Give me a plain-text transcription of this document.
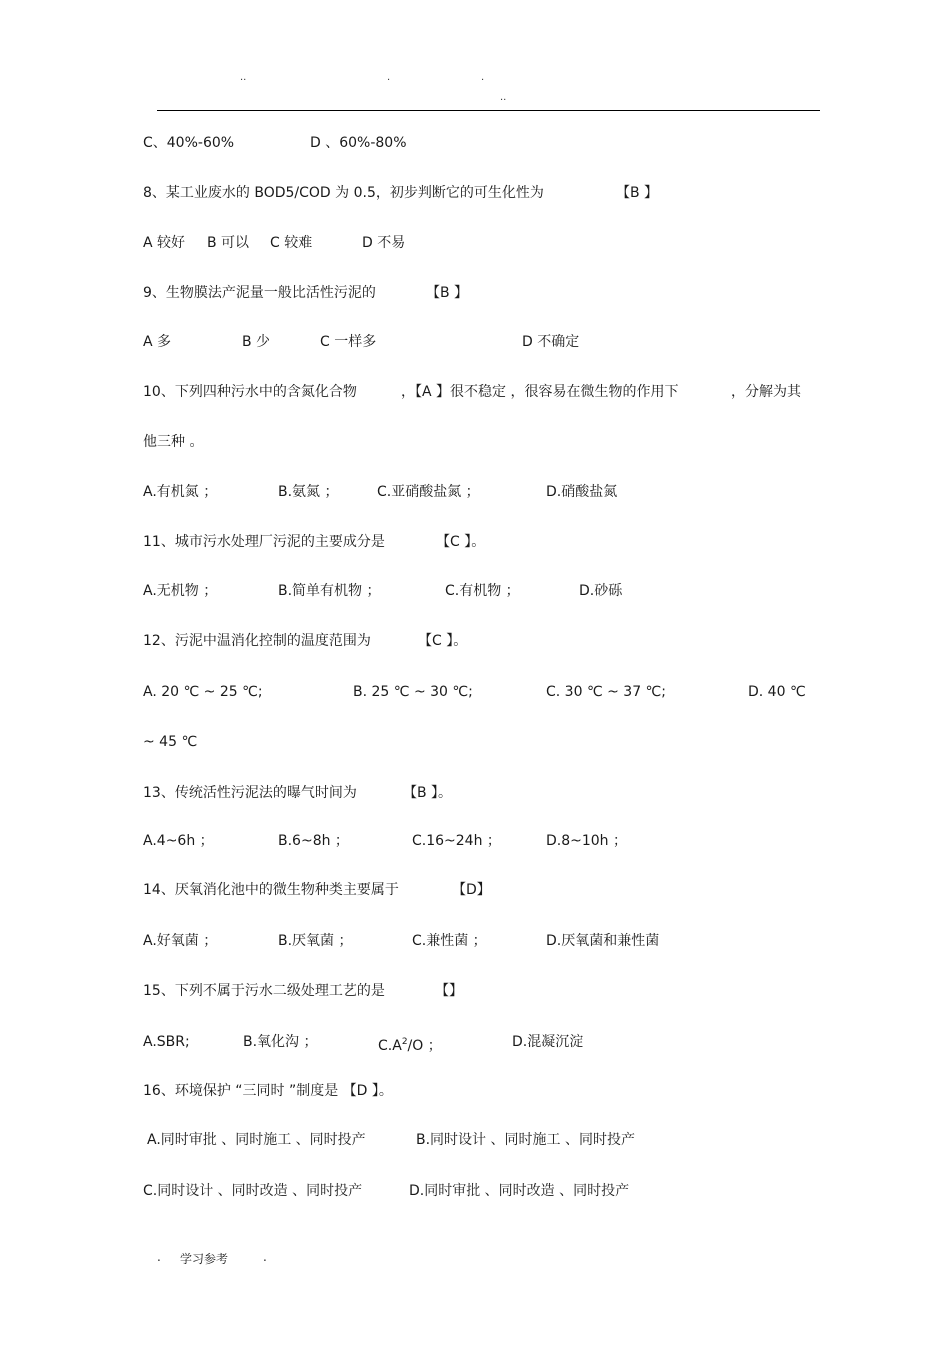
..	.	.
..
C、40%-60%	D 、60%-80%
8、某工业废水的 BOD5/COD 为 0.5，初步判断它的可生化性为	【B 】
A 较好 B 可以 C 较难	D 不易
9、生物膜法产泥量一般比活性污泥的	【B 】
A 多	B 少	C 一样多	D 不确定
10、下列四种污水中的含氮化合物	，【A 】很不稳定 ，很容易在微生物的作用下	，分解为其
他三种 。
A.有机氮 ；	B.氨氮 ；	C.亚硝酸盐氮 ；	D.硝酸盐氮
11、城市污水处理厂污泥的主要成分是	【C 】。
A.无机物 ；	B.简单有机物 ；	C.有机物 ；	D.砂砾
12、污泥中温消化控制的温度范围为	【C 】。
A. 20 ℃ ~ 25 ℃;	B. 25 ℃ ~ 30 ℃;	C. 30 ℃ ~ 37 ℃;	D. 40 ℃
~ 45 ℃
13、传统活性污泥法的曝气时间为	【B 】。
A.4~6h ；	B.6~8h ；	C.16~24h ；	D.8~10h ；
14、厌氧消化池中的微生物种类主要属于	【D】
A.好氧菌 ；	B.厌氧菌 ；	C.兼性菌 ；	D.厌氧菌和兼性菌
15、下列不属于污水二级处理工艺的是	【】
A.SBR;	B.氧化沟 ；	$C.A^2/O$ ；	D.混凝沉淀
16、环境保护 “三同时 ”制度是 【D 】。
A.同时审批 、同时施工 、同时投产	B.同时设计 、同时施工 、同时投产
C.同时设计 、同时改造 、同时投产	D.同时审批 、同时改造 、同时投产
. 学习参考	.
